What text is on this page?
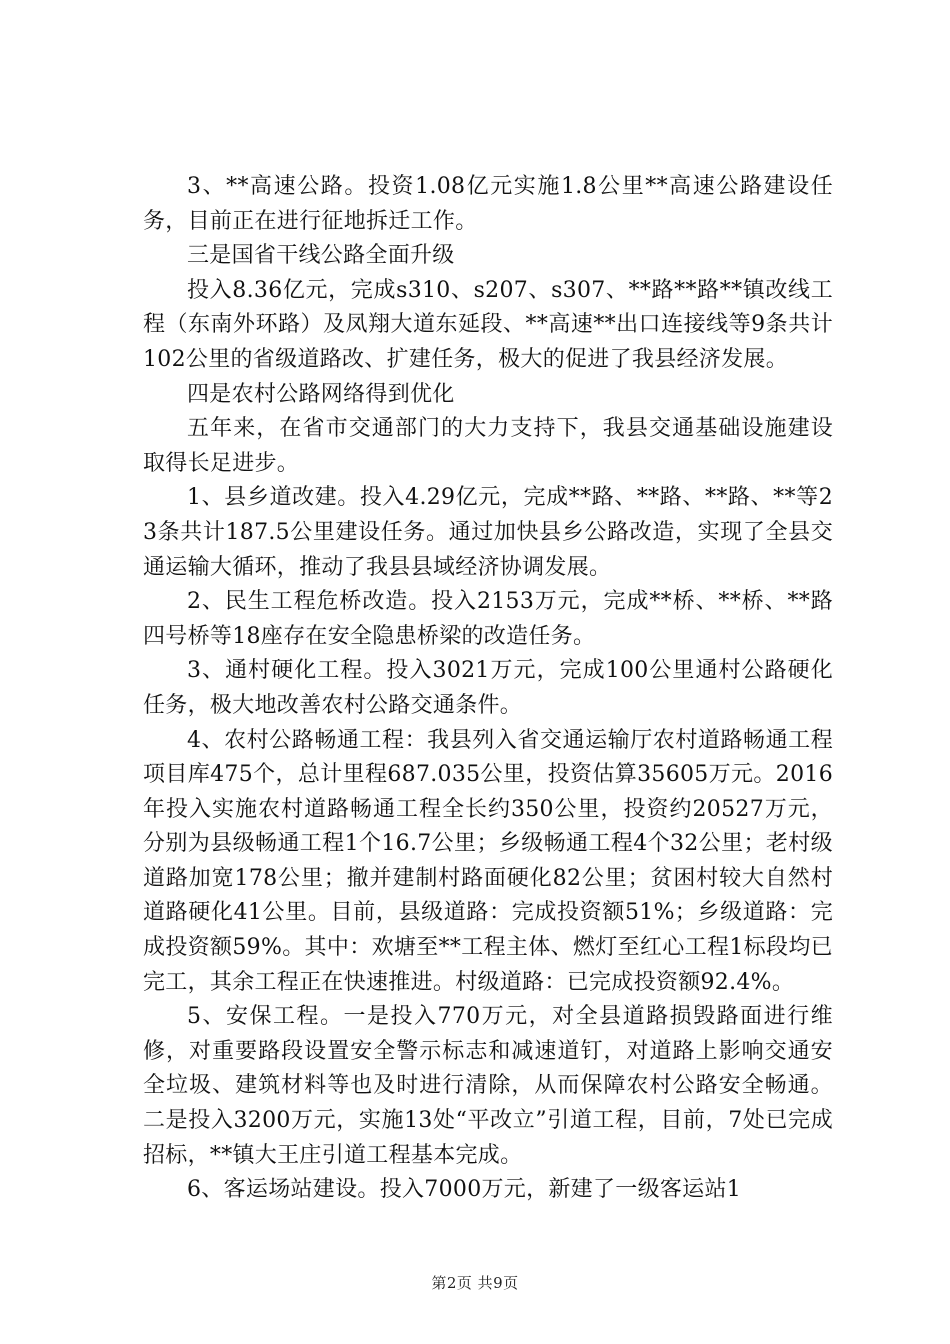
3、**高速公路。投资1.08亿元实施1.8公里**高速公路建设任务，目前正在进行征地拆迁工作。

三是国省干线公路全面升级

投入8.36亿元，完成s310、s207、s307、**路**路**镇改线工程（东南外环路）及凤翔大道东延段、**高速**出口连接线等9条共计102公里的省级道路改、扩建任务，极大的促进了我县经济发展。

四是农村公路网络得到优化

五年来，在省市交通部门的大力支持下，我县交通基础设施建设取得长足进步。

1、县乡道改建。投入4.29亿元，完成**路、**路、**路、**等23条共计187.5公里建设任务。通过加快县乡公路改造，实现了全县交通运输大循环，推动了我县县域经济协调发展。

2、民生工程危桥改造。投入2153万元，完成**桥、**桥、**路四号桥等18座存在安全隐患桥梁的改造任务。

3、通村硬化工程。投入3021万元，完成100公里通村公路硬化任务，极大地改善农村公路交通条件。

4、农村公路畅通工程：我县列入省交通运输厅农村道路畅通工程项目库475个，总计里程687.035公里，投资估算35605万元。2016年投入实施农村道路畅通工程全长约350公里，投资约20527万元，分别为县级畅通工程1个16.7公里；乡级畅通工程4个32公里；老村级道路加宽178公里；撤并建制村路面硬化82公里；贫困村较大自然村道路硬化41公里。目前，县级道路：完成投资额51%；乡级道路：完成投资额59%。其中：欢塘至**工程主体、燃灯至红心工程1标段均已完工，其余工程正在快速推进。村级道路：已完成投资额92.4%。

5、安保工程。一是投入770万元，对全县道路损毁路面进行维修，对重要路段设置安全警示标志和减速道钉，对道路上影响交通安全垃圾、建筑材料等也及时进行清除，从而保障农村公路安全畅通。二是投入3200万元，实施13处“平改立”引道工程，目前，7处已完成招标，**镇大王庄引道工程基本完成。

6、客运场站建设。投入7000万元，新建了一级客运站1

第2页 共9页
